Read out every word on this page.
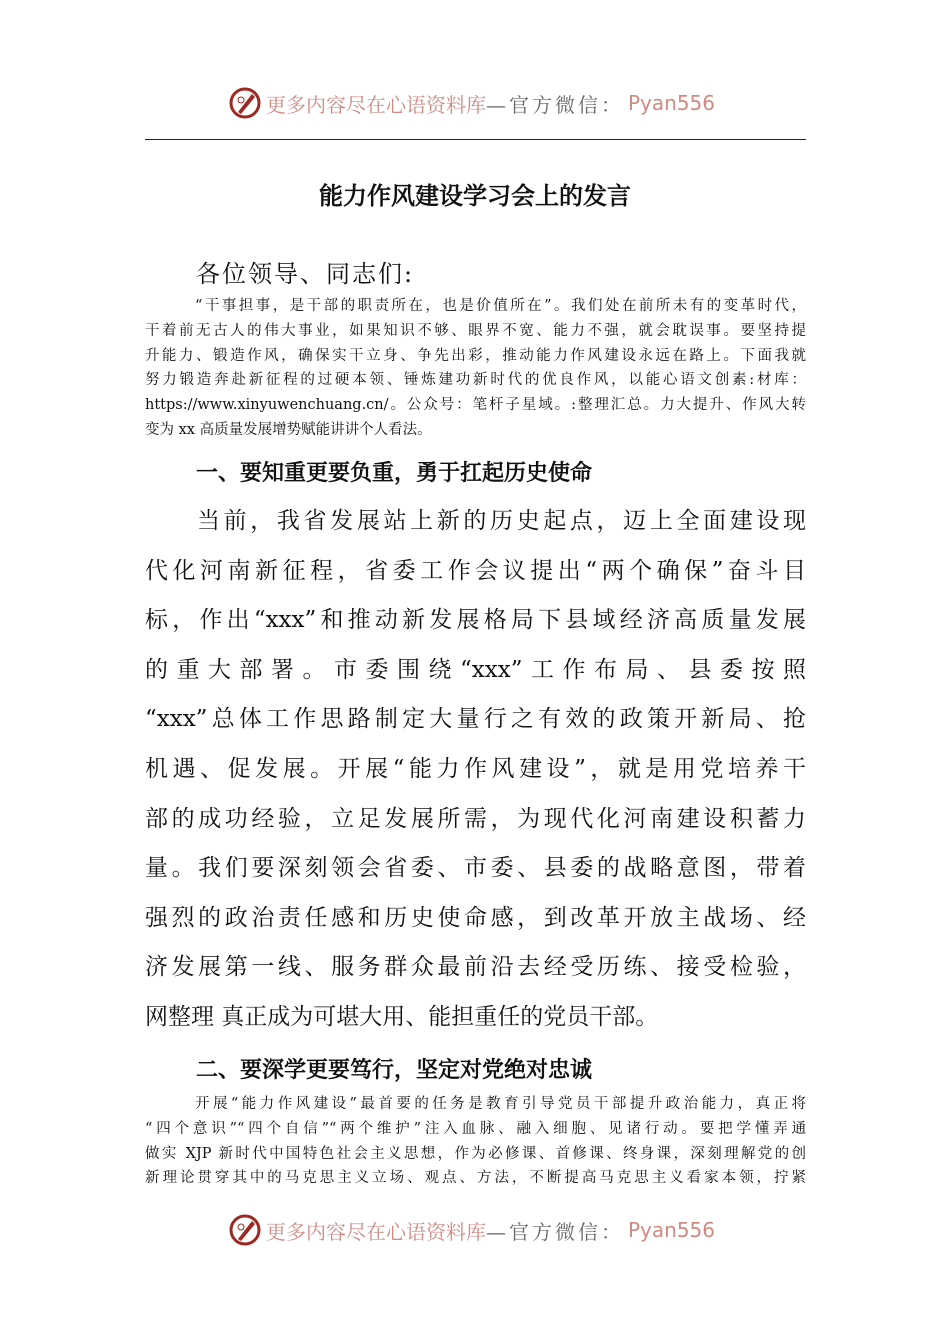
更多内容尽在心语资料库 —官方微信： Pyan556
能力作风建设学习会上的发言
各位领导、同志们:
“干事担事，是干部的职责所在，也是价值所在”。我们处在前所未有的变革时代，
干着前无古人的伟大事业，如果知识不够、眼界不宽、能力不强，就会耽误事。要坚持提
升能力、锻造作风，确保实干立身、争先出彩，推动能力作风建设永远在路上。下面我就
努力锻造奔赴新征程的过硬本领、锤炼建功新时代的优良作风，以能心语文创素:材库：
https://www.xinyuwenchuang.cn/。公众号：笔杆子星域。:整理汇总。力大提升、作风大转
变为 xx 高质量发展增势赋能讲讲个人看法。
一、要知重更要负重，勇于扛起历史使命
当前，我省发展站上新的历史起点，迈上全面建设现
代化河南新征程，省委工作会议提出“两个确保”奋斗目
标，作出“xxx”和推动新发展格局下县域经济高质量发展
的重大部署。市委围绕“xxx”工作布局、县委按照
“xxx”总体工作思路制定大量行之有效的政策开新局、抢
机遇、促发展。开展“能力作风建设”，就是用党培养干
部的成功经验，立足发展所需，为现代化河南建设积蓄力
量。我们要深刻领会省委、市委、县委的战略意图，带着
强烈的政治责任感和历史使命感，到改革开放主战场、经
济发展第一线、服务群众最前沿去经受历练、接受检验，
网整理 真正成为可堪大用、能担重任的党员干部。
二、要深学更要笃行，坚定对党绝对忠诚
开展“能力作风建设”最首要的任务是教育引导党员干部提升政治能力，真正将
“四个意识”“四个自信”“两个维护”注入血脉、融入细胞、见诸行动。要把学懂弄通
做实 XJP 新时代中国特色社会主义思想，作为必修课、首修课、终身课，深刻理解党的创
新理论贯穿其中的马克思主义立场、观点、方法，不断提高马克思主义看家本领，拧紧
更多内容尽在心语资料库 —官方微信： Pyan556
